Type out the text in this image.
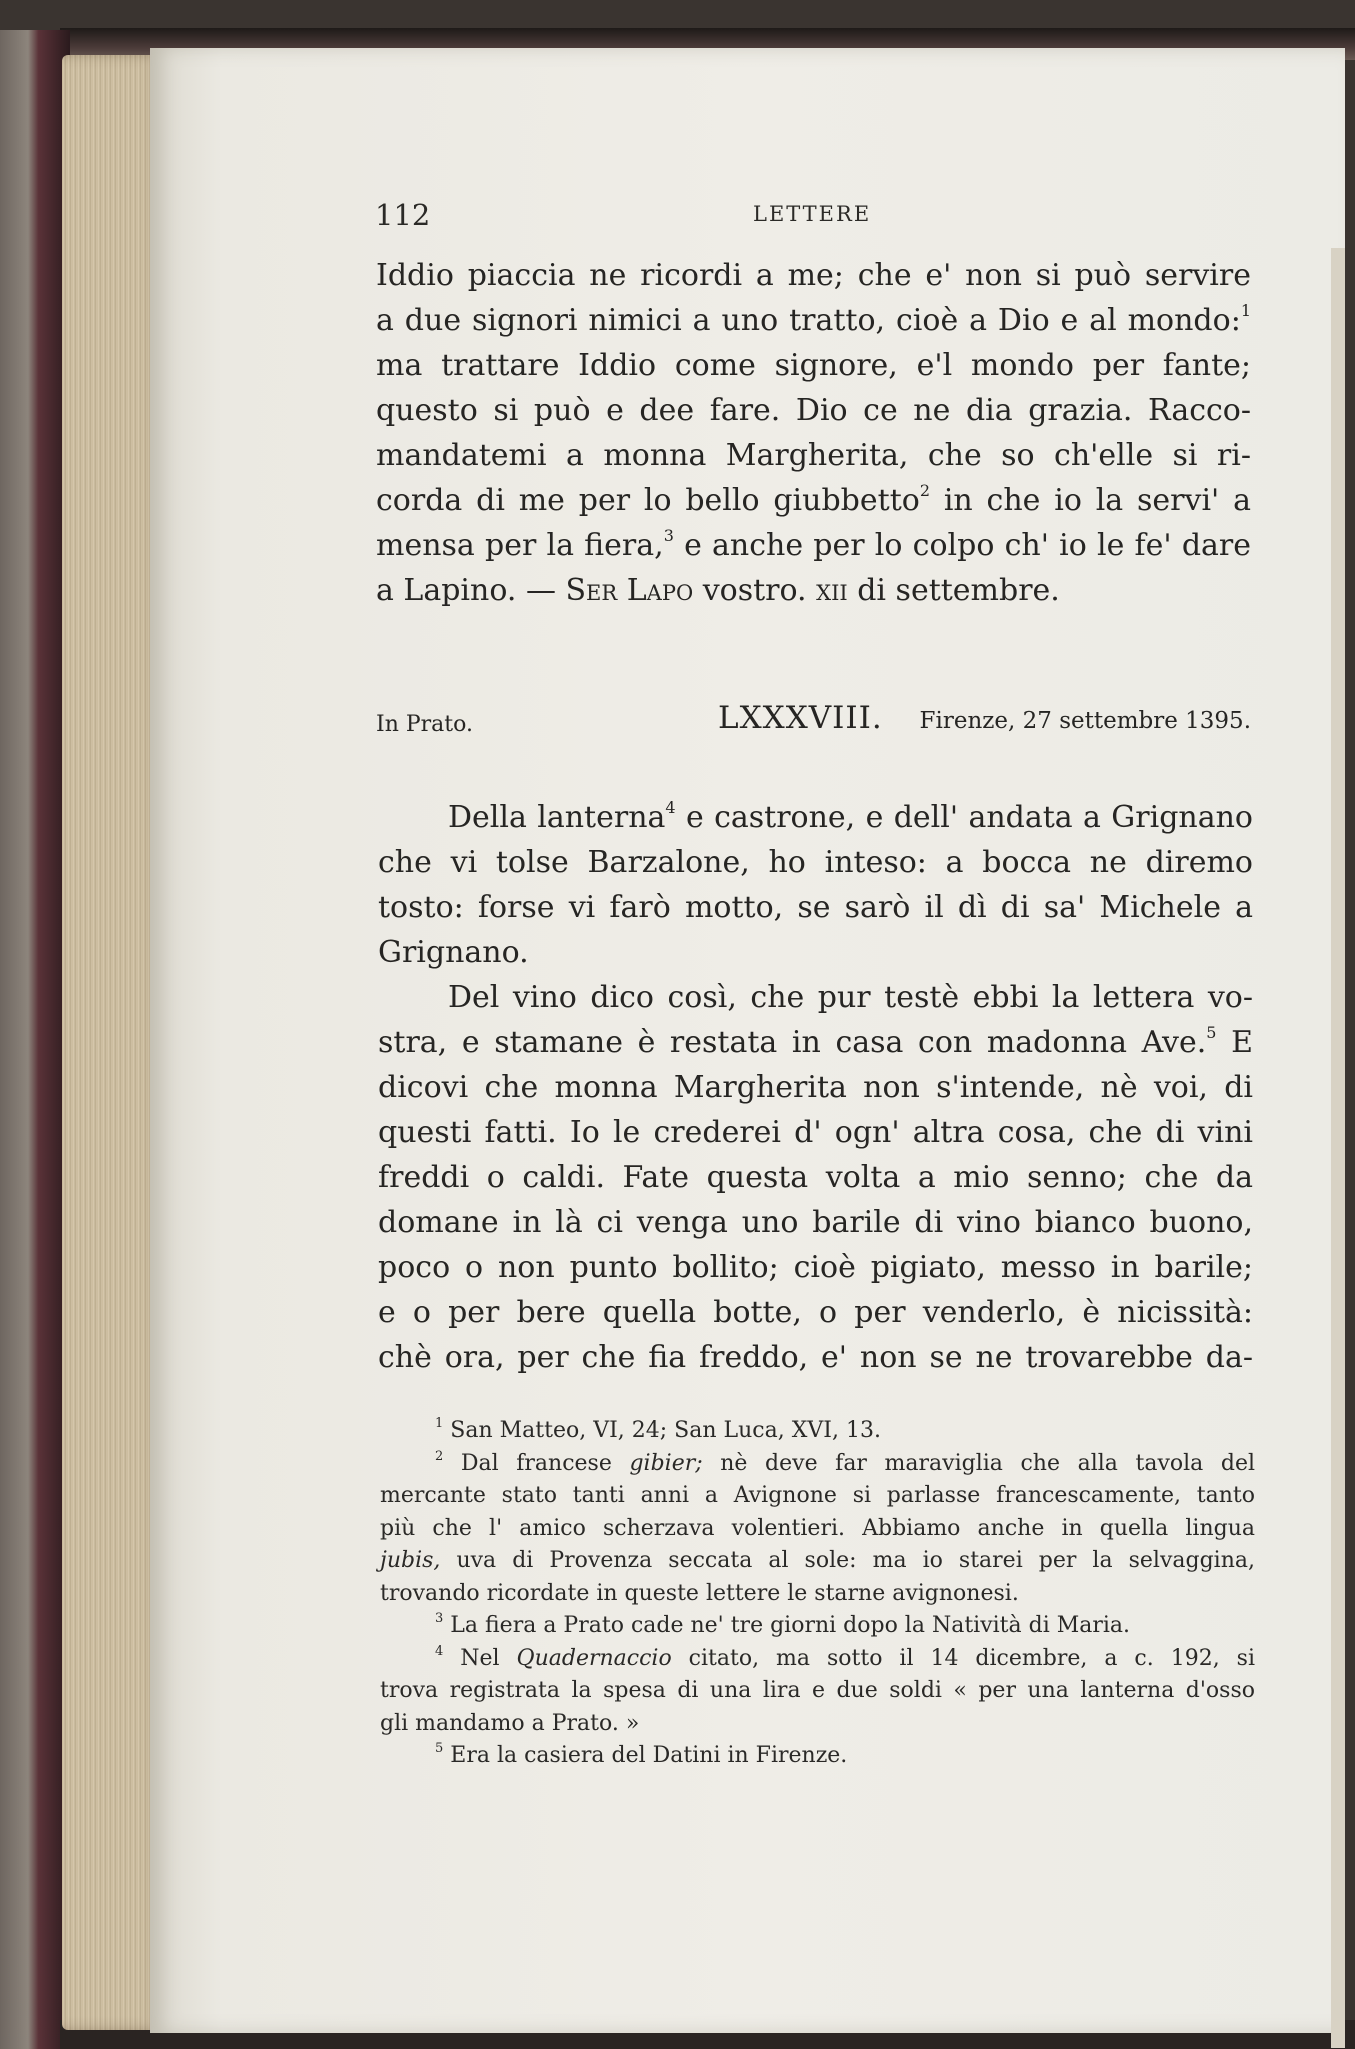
112	LETTERE
Iddio piaccia ne ricordi a me; che e' non si può servire
a due signori nimici a uno tratto, cioè a Dio e al mondo:$^1$
ma trattare Iddio come signore, e'l mondo per fante;
questo si può e dee fare. Dio ce ne dia grazia. Racco-
mandatemi a monna Margherita, che so ch'elle si ri-
corda di me per lo bello giubbetto$^2$ in che io la servi' a
mensa per la fiera,$^3$ e anche per lo colpo ch' io le fe' dare
a Lapino. — Ser Lapo vostro. xii di settembre.
In Prato.	LXXXVIII. Firenze, 27 settembre 1395.
Della lanterna$^4$ e castrone, e dell' andata a Grignano
che vi tolse Barzalone, ho inteso: a bocca ne diremo
tosto: forse vi farò motto, se sarò il dì di sa' Michele a
Grignano.
Del vino dico così, che pur testè ebbi la lettera vo-
stra, e stamane è restata in casa con madonna Ave.$^5$ E
dicovi che monna Margherita non s'intende, nè voi, di
questi fatti. Io le crederei d' ogn' altra cosa, che di vini
freddi o caldi. Fate questa volta a mio senno; che da
domane in là ci venga uno barile di vino bianco buono,
poco o non punto bollito; cioè pigiato, messo in barile;
e o per bere quella botte, o per venderlo, è nicissità:
chè ora, per che fia freddo, e' non se ne trovarebbe da-
$^1$ San Matteo, VI, 24; San Luca, XVI, 13.
$^2$ Dal francese gibier; nè deve far maraviglia che alla tavola del
mercante stato tanti anni a Avignone si parlasse francescamente, tanto
più che l' amico scherzava volentieri. Abbiamo anche in quella lingua
jubis, uva di Provenza seccata al sole: ma io starei per la selvaggina,
trovando ricordate in queste lettere le starne avignonesi.
$^3$ La fiera a Prato cade ne' tre giorni dopo la Natività di Maria.
$^4$ Nel Quadernaccio citato, ma sotto il 14 dicembre, a c. 192, si
trova registrata la spesa di una lira e due soldi « per una lanterna d'osso
gli mandamo a Prato. »
$^5$ Era la casiera del Datini in Firenze.
